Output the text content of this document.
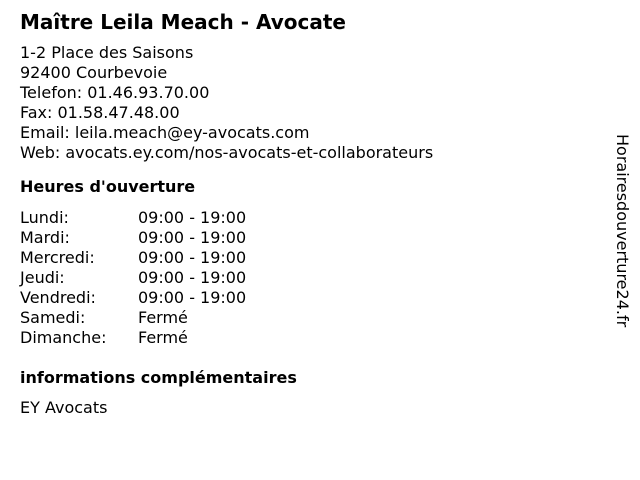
Maître Leila Meach - Avocate
1-2 Place des Saisons
92400 Courbevoie
Telefon: 01.46.93.70.00
Fax: 01.58.47.48.00
Email: leila.meach@ey-avocats.com
Web: avocats.ey.com/nos-avocats-et-collaborateurs
Heures d'ouverture
Lundi:	09:00 - 19:00
Mardi:	09:00 - 19:00
Mercredi:	09:00 - 19:00
Jeudi:	09:00 - 19:00
Vendredi:	09:00 - 19:00
Samedi:	Fermé
Dimanche:	Fermé
informations complémentaires
EY Avocats
Horairesdouverture24.fr
